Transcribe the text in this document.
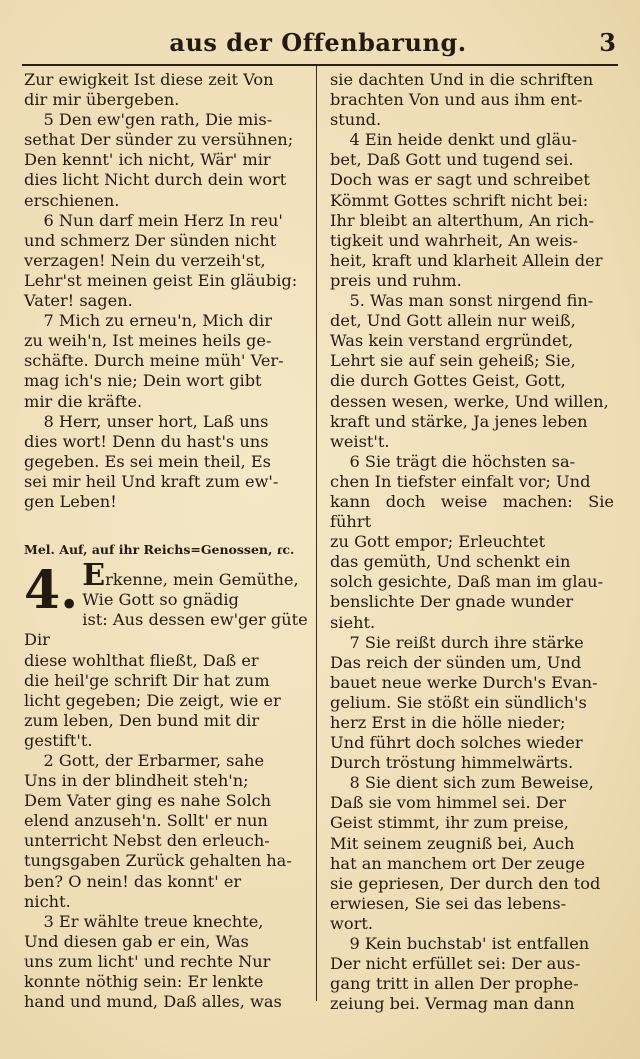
aus der Offenbarung.	3

Zur ewigkeit Ist diese zeit Von
dir mir übergeben.

5 Den ew'gen rath, Die mis-
sethat Der sünder zu versühnen;
Den kennt' ich nicht, Wär' mir
dies licht Nicht durch dein wort
erschienen.

6 Nun darf mein Herz In reu'
und schmerz Der sünden nicht
verzagen! Nein du verzeih'st,
Lehr'st meinen geist Ein gläubig:
Vater! sagen.

7 Mich zu erneu'n, Mich dir
zu weih'n, Ist meines heils ge-
schäfte. Durch meine müh' Ver-
mag ich's nie; Dein wort gibt
mir die kräfte.

8 Herr, unser hort, Laß uns
dies wort! Denn du hast's uns
gegeben. Es sei mein theil, Es
sei mir heil Und kraft zum ew'-
gen Leben!

Mel. Auf, auf ihr Reichs=Genossen, ɾc.
4. Erkenne, mein Gemüthe,
Wie Gott so gnädig
ist: Aus dessen ew'ger güte Dir
diese wohlthat fließt, Daß er
die heil'ge schrift Dir hat zum
licht gegeben; Die zeigt, wie er
zum leben, Den bund mit dir
gestift't.

2 Gott, der Erbarmer, sahe
Uns in der blindheit steh'n;
Dem Vater ging es nahe Solch
elend anzuseh'n. Sollt' er nun
unterricht Nebst den erleuch-
tungsgaben Zurück gehalten ha-
ben? O nein! das konnt' er
nicht.

3 Er wählte treue knechte,
Und diesen gab er ein, Was
uns zum licht' und rechte Nur
konnte nöthig sein: Er lenkte
hand und mund, Daß alles, was

sie dachten Und in die schriften
brachten Von und aus ihm ent-
stund.

4 Ein heide denkt und gläu-
bet, Daß Gott und tugend sei.
Doch was er sagt und schreibet
Kömmt Gottes schrift nicht bei:
Ihr bleibt an alterthum, An rich-
tigkeit und wahrheit, An weis-
heit, kraft und klarheit Allein der
preis und ruhm.

5. Was man sonst nirgend fin-
det, Und Gott allein nur weiß,
Was kein verstand ergründet,
Lehrt sie auf sein geheiß; Sie,
die durch Gottes Geist, Gott,
dessen wesen, werke, Und willen,
kraft und stärke, Ja jenes leben
weist't.

6 Sie trägt die höchsten sa-
chen In tiefster einfalt vor; Und
kann doch weise machen: Sie führt
zu Gott empor; Erleuchtet
das gemüth, Und schenkt ein
solch gesichte, Daß man im glau-
benslichte Der gnade wunder
sieht.

7 Sie reißt durch ihre stärke
Das reich der sünden um, Und
bauet neue werke Durch's Evan-
gelium. Sie stößt ein sündlich's
herz Erst in die hölle nieder;
Und führt doch solches wieder
Durch tröstung himmelwärts.

8 Sie dient sich zum Beweise,
Daß sie vom himmel sei. Der
Geist stimmt, ihr zum preise,
Mit seinem zeugniß bei, Auch
hat an manchem ort Der zeuge
sie gepriesen, Der durch den tod
erwiesen, Sie sei das lebens-
wort.

9 Kein buchstab' ist entfallen
Der nicht erfüllet sei: Der aus-
gang tritt in allen Der prophe-
zeiung bei. Vermag man dann
